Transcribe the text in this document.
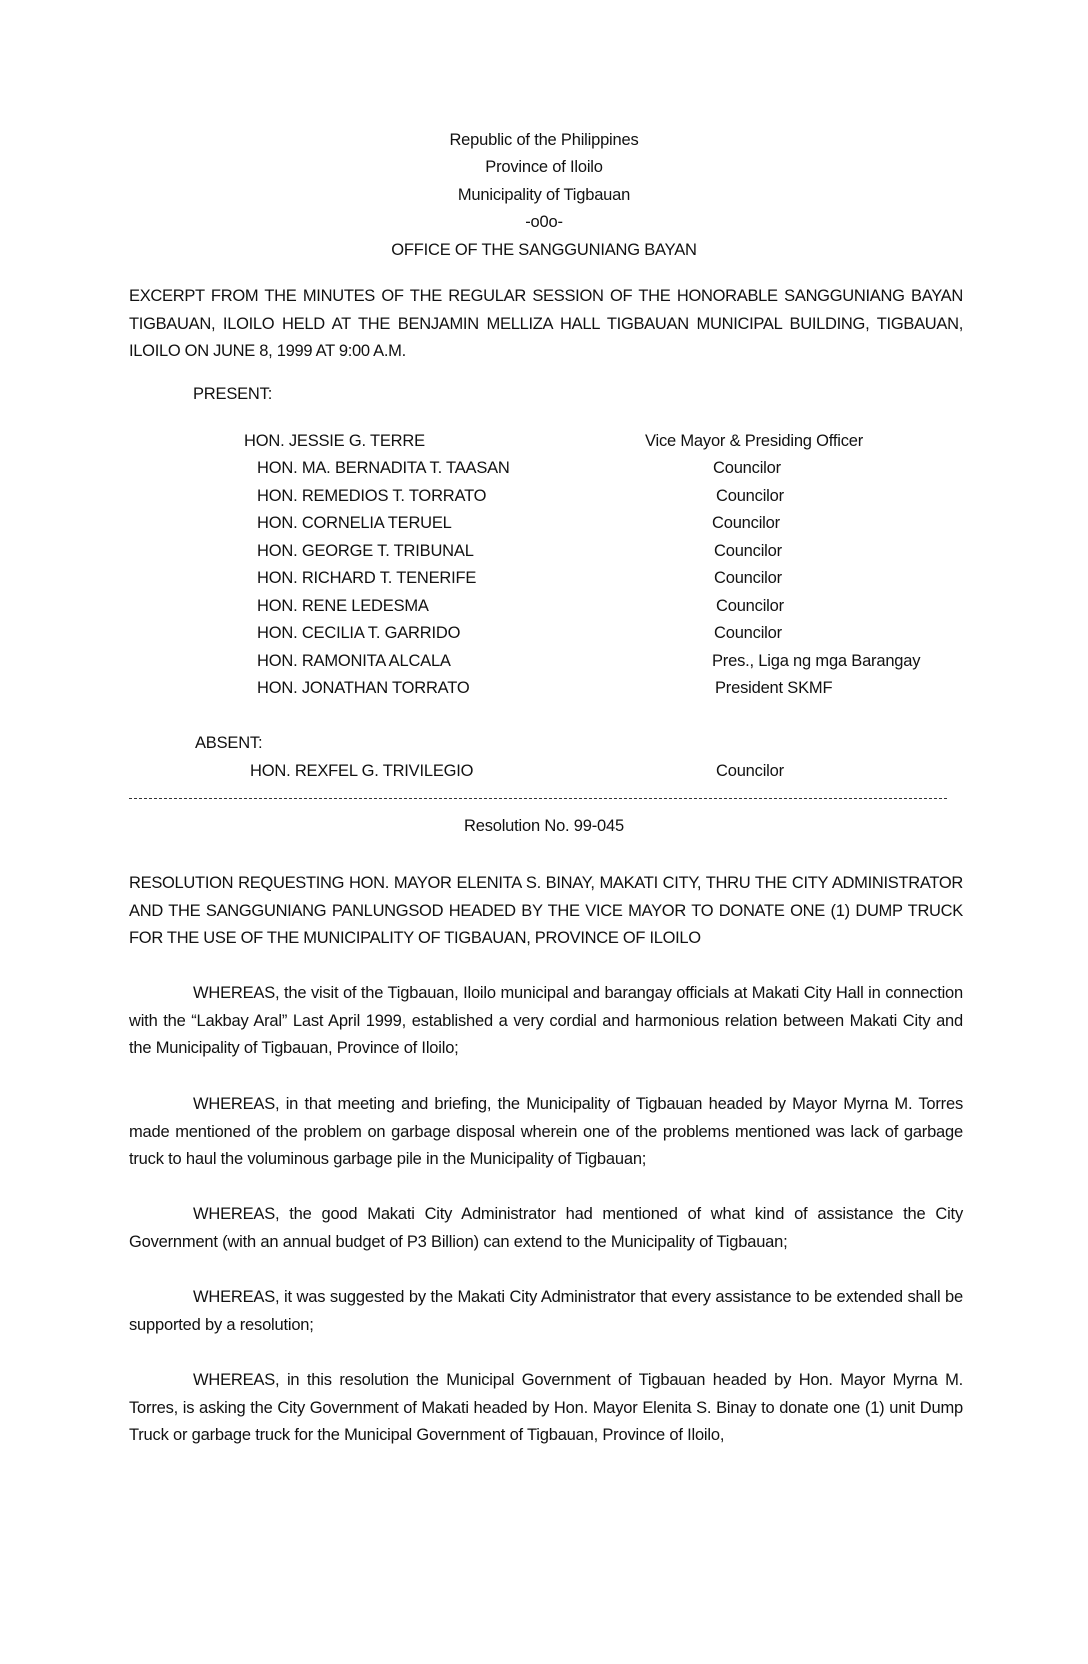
Republic of the Philippines
Province of Iloilo
Municipality of Tigbauan
-o0o-
OFFICE OF THE SANGGUNIANG BAYAN
EXCERPT FROM THE MINUTES OF THE REGULAR SESSION OF THE HONORABLE SANGGUNIANG BAYAN TIGBAUAN, ILOILO HELD AT THE BENJAMIN MELLIZA HALL TIGBAUAN MUNICIPAL BUILDING, TIGBAUAN, ILOILO ON JUNE 8, 1999 AT 9:00 A.M.
PRESENT:
HON. JESSIE G. TERRE	Vice Mayor & Presiding Officer
HON. MA. BERNADITA T. TAASAN	Councilor
HON. REMEDIOS T. TORRATO	Councilor
HON. CORNELIA TERUEL	Councilor
HON. GEORGE T. TRIBUNAL	Councilor
HON. RICHARD T. TENERIFE	Councilor
HON. RENE LEDESMA	Councilor
HON. CECILIA T. GARRIDO	Councilor
HON. RAMONITA ALCALA	Pres., Liga ng mga Barangay
HON. JONATHAN TORRATO	President SKMF
ABSENT:
HON. REXFEL G. TRIVILEGIO	Councilor
Resolution No. 99-045
RESOLUTION REQUESTING HON. MAYOR ELENITA S. BINAY, MAKATI CITY, THRU THE CITY ADMINISTRATOR AND THE SANGGUNIANG PANLUNGSOD HEADED BY THE VICE MAYOR TO DONATE ONE (1) DUMP TRUCK FOR THE USE OF THE MUNICIPALITY OF TIGBAUAN, PROVINCE OF ILOILO

WHEREAS, the visit of the Tigbauan, Iloilo municipal and barangay officials at Makati City Hall in connection with the “Lakbay Aral” Last April 1999, established a very cordial and harmonious relation between Makati City and the Municipality of Tigbauan, Province of Iloilo;

WHEREAS, in that meeting and briefing, the Municipality of Tigbauan headed by Mayor Myrna M. Torres made mentioned of the problem on garbage disposal wherein one of the problems mentioned was lack of garbage truck to haul the voluminous garbage pile in the Municipality of Tigbauan;

WHEREAS, the good Makati City Administrator had mentioned of what kind of assistance the City Government (with an annual budget of P3 Billion) can extend to the Municipality of Tigbauan;

WHEREAS, it was suggested by the Makati City Administrator that every assistance to be extended shall be supported by a resolution;

WHEREAS, in this resolution the Municipal Government of Tigbauan headed by Hon. Mayor Myrna M. Torres, is asking the City Government of Makati headed by Hon. Mayor Elenita S. Binay to donate one (1) unit Dump Truck or garbage truck for the Municipal Government of Tigbauan, Province of Iloilo,
